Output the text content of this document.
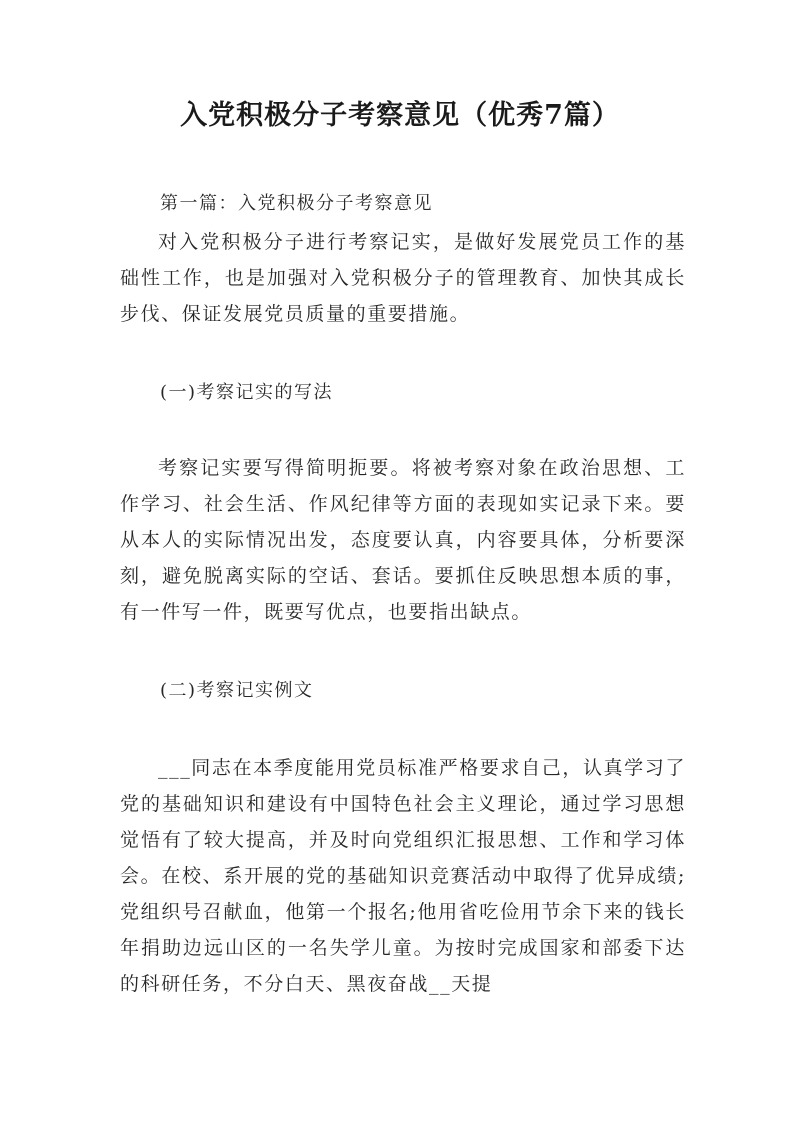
入党积极分子考察意见（优秀7篇）
第一篇：入党积极分子考察意见

对入党积极分子进行考察记实，是做好发展党员工作的基础性工作，也是加强对入党积极分子的管理教育、加快其成长步伐、保证发展党员质量的重要措施。

(一)考察记实的写法

考察记实要写得简明扼要。将被考察对象在政治思想、工作学习、社会生活、作风纪律等方面的表现如实记录下来。要从本人的实际情况出发，态度要认真，内容要具体，分析要深刻，避免脱离实际的空话、套话。要抓住反映思想本质的事，有一件写一件，既要写优点，也要指出缺点。

(二)考察记实例文

___同志在本季度能用党员标准严格要求自己，认真学习了党的基础知识和建设有中国特色社会主义理论，通过学习思想觉悟有了较大提高，并及时向党组织汇报思想、工作和学习体会。在校、系开展的党的基础知识竞赛活动中取得了优异成绩;党组织号召献血，他第一个报名;他用省吃俭用节余下来的钱长年捐助边远山区的一名失学儿童。为按时完成国家和部委下达的科研任务，不分白天、黑夜奋战__天提
